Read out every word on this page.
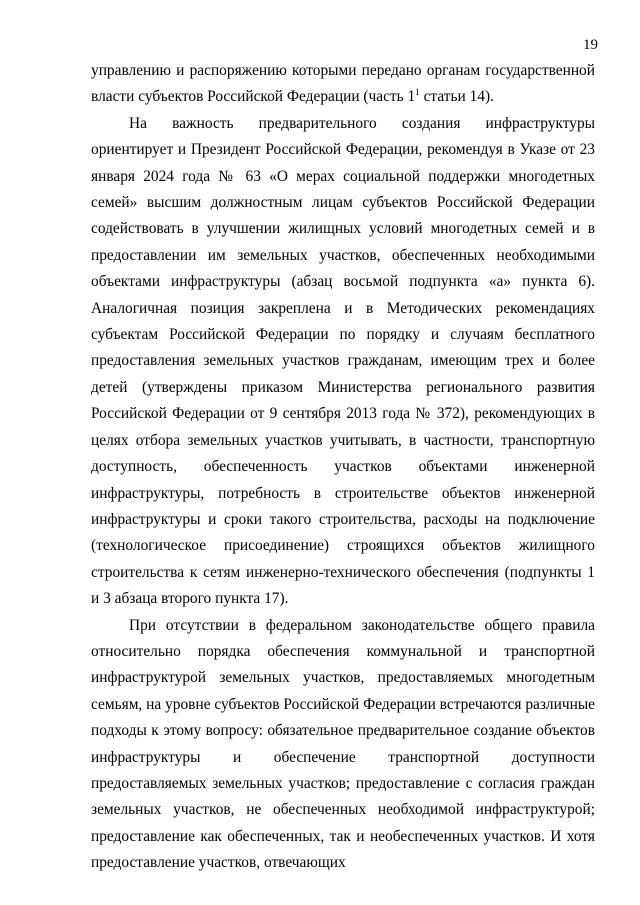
19

управлению и распоряжению которыми передано органам государственной власти субъектов Российской Федерации (часть $1^1$ статьи 14).

На важность предварительного создания инфраструктуры ориентирует и Президент Российской Федерации, рекомендуя в Указе от 23 января 2024 года № 63 «О мерах социальной поддержки многодетных семей» высшим должностным лицам субъектов Российской Федерации содействовать в улучшении жилищных условий многодетных семей и в предоставлении им земельных участков, обеспеченных необходимыми объектами инфраструктуры (абзац восьмой подпункта «а» пункта 6). Аналогичная позиция закреплена и в Методических рекомендациях субъектам Российской Федерации по порядку и случаям бесплатного предоставления земельных участков гражданам, имеющим трех и более детей (утверждены приказом Министерства регионального развития Российской Федерации от 9 сентября 2013 года № 372), рекомендующих в целях отбора земельных участков учитывать, в частности, транспортную доступность, обеспеченность участков объектами инженерной инфраструктуры, потребность в строительстве объектов инженерной инфраструктуры и сроки такого строительства, расходы на подключение (технологическое присоединение) строящихся объектов жилищного строительства к сетям инженерно-технического обеспечения (подпункты 1 и 3 абзаца второго пункта 17).

При отсутствии в федеральном законодательстве общего правила относительно порядка обеспечения коммунальной и транспортной инфраструктурой земельных участков, предоставляемых многодетным семьям, на уровне субъектов Российской Федерации встречаются различные подходы к этому вопросу: обязательное предварительное создание объектов инфраструктуры и обеспечение транспортной доступности предоставляемых земельных участков; предоставление с согласия граждан земельных участков, не обеспеченных необходимой инфраструктурой; предоставление как обеспеченных, так и необеспеченных участков. И хотя предоставление участков, отвечающих
